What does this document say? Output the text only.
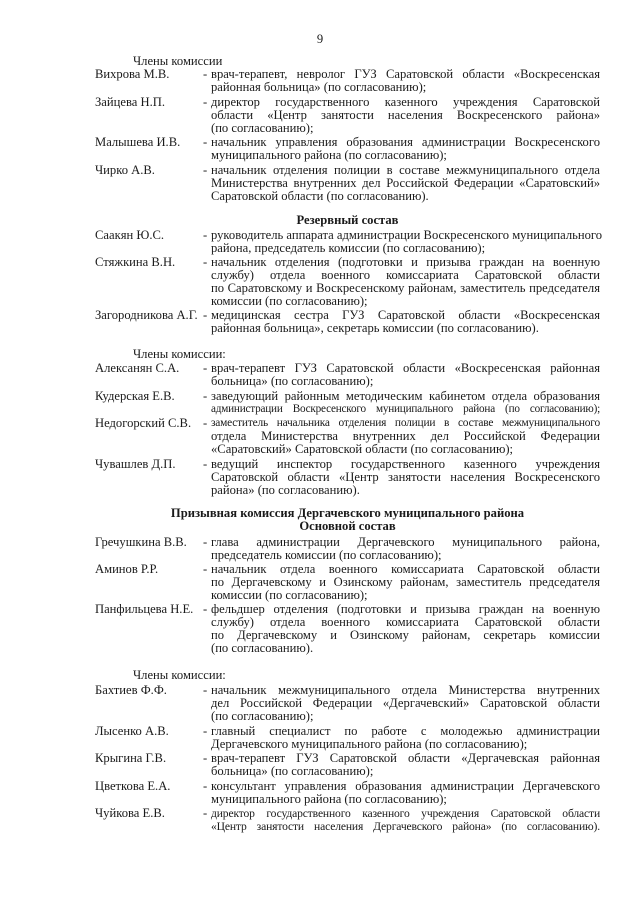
9
Члены комиссии
Вихрова М.В.	- врач-терапевт, невролог ГУЗ Саратовской области «Воскресенская
районная больница» (по согласованию);
Зайцева Н.П.	- директор государственного казенного учреждения Саратовской
области «Центр занятости населения Воскресенского района»
(по согласованию);
Малышева И.В. - начальник управления образования администрации Воскресенского
муниципального района (по согласованию);
Чирко А.В.	- начальник отделения полиции в составе межмуниципального отдела
Министерства внутренних дел Российской Федерации «Саратовский»
Саратовской области (по согласованию).
Резервный состав
Саакян Ю.С.	- руководитель аппарата администрации Воскресенского муниципального
района, председатель комиссии (по согласованию);
Стяжкина В.Н. - начальник отделения (подготовки и призыва граждан на военную
службу) отдела военного комиссариата Саратовской области
по Саратовскому и Воскресенскому районам, заместитель председателя
комиссии (по согласованию);
Загородникова А.Г. - медицинская сестра ГУЗ Саратовской области «Воскресенская
районная больница», секретарь комиссии (по согласованию).
Члены комиссии:
Алексанян С.А. - врач-терапевт ГУЗ Саратовской области «Воскресенская районная
больница» (по согласованию);
Кудерская Е.В. - заведующий районным методическим кабинетом отдела образования
администрации Воскресенского муниципального района (по согласованию);
Недогорский С.В. - заместитель начальника отделения полиции в составе межмуниципального
отдела Министерства внутренних дел Российской Федерации
«Саратовский» Саратовской области (по согласованию);
Чувашлев Д.П. - ведущий инспектор государственного казенного учреждения
Саратовской области «Центр занятости населения Воскресенского
района» (по согласованию).
Призывная комиссия Дергачевского муниципального района
Основной состав
Гречушкина В.В. - глава администрации Дергачевского муниципального района,
председатель комиссии (по согласованию);
Аминов Р.Р.	- начальник отдела военного комиссариата Саратовской области
по Дергачевскому и Озинскому районам, заместитель председателя
комиссии (по согласованию);
Панфильцева Н.Е. - фельдшер отделения (подготовки и призыва граждан на военную
службу) отдела военного комиссариата Саратовской области
по Дергачевскому и Озинскому районам, секретарь комиссии
(по согласованию).
Члены комиссии:
Бахтиев Ф.Ф.	- начальник межмуниципального отдела Министерства внутренних
дел Российской Федерации «Дергачевский» Саратовской области
(по согласованию);
Лысенко А.В.	- главный специалист по работе с молодежью администрации
Дергачевского муниципального района (по согласованию);
Крыгина Г.В.	- врач-терапевт ГУЗ Саратовской области «Дергачевская районная
больница» (по согласованию);
Цветкова Е.А.	- консультант управления образования администрации Дергачевского
муниципального района (по согласованию);
Чуйкова Е.В.	- директор государственного казенного учреждения Саратовской области
«Центр занятости населения Дергачевского района» (по согласованию).
